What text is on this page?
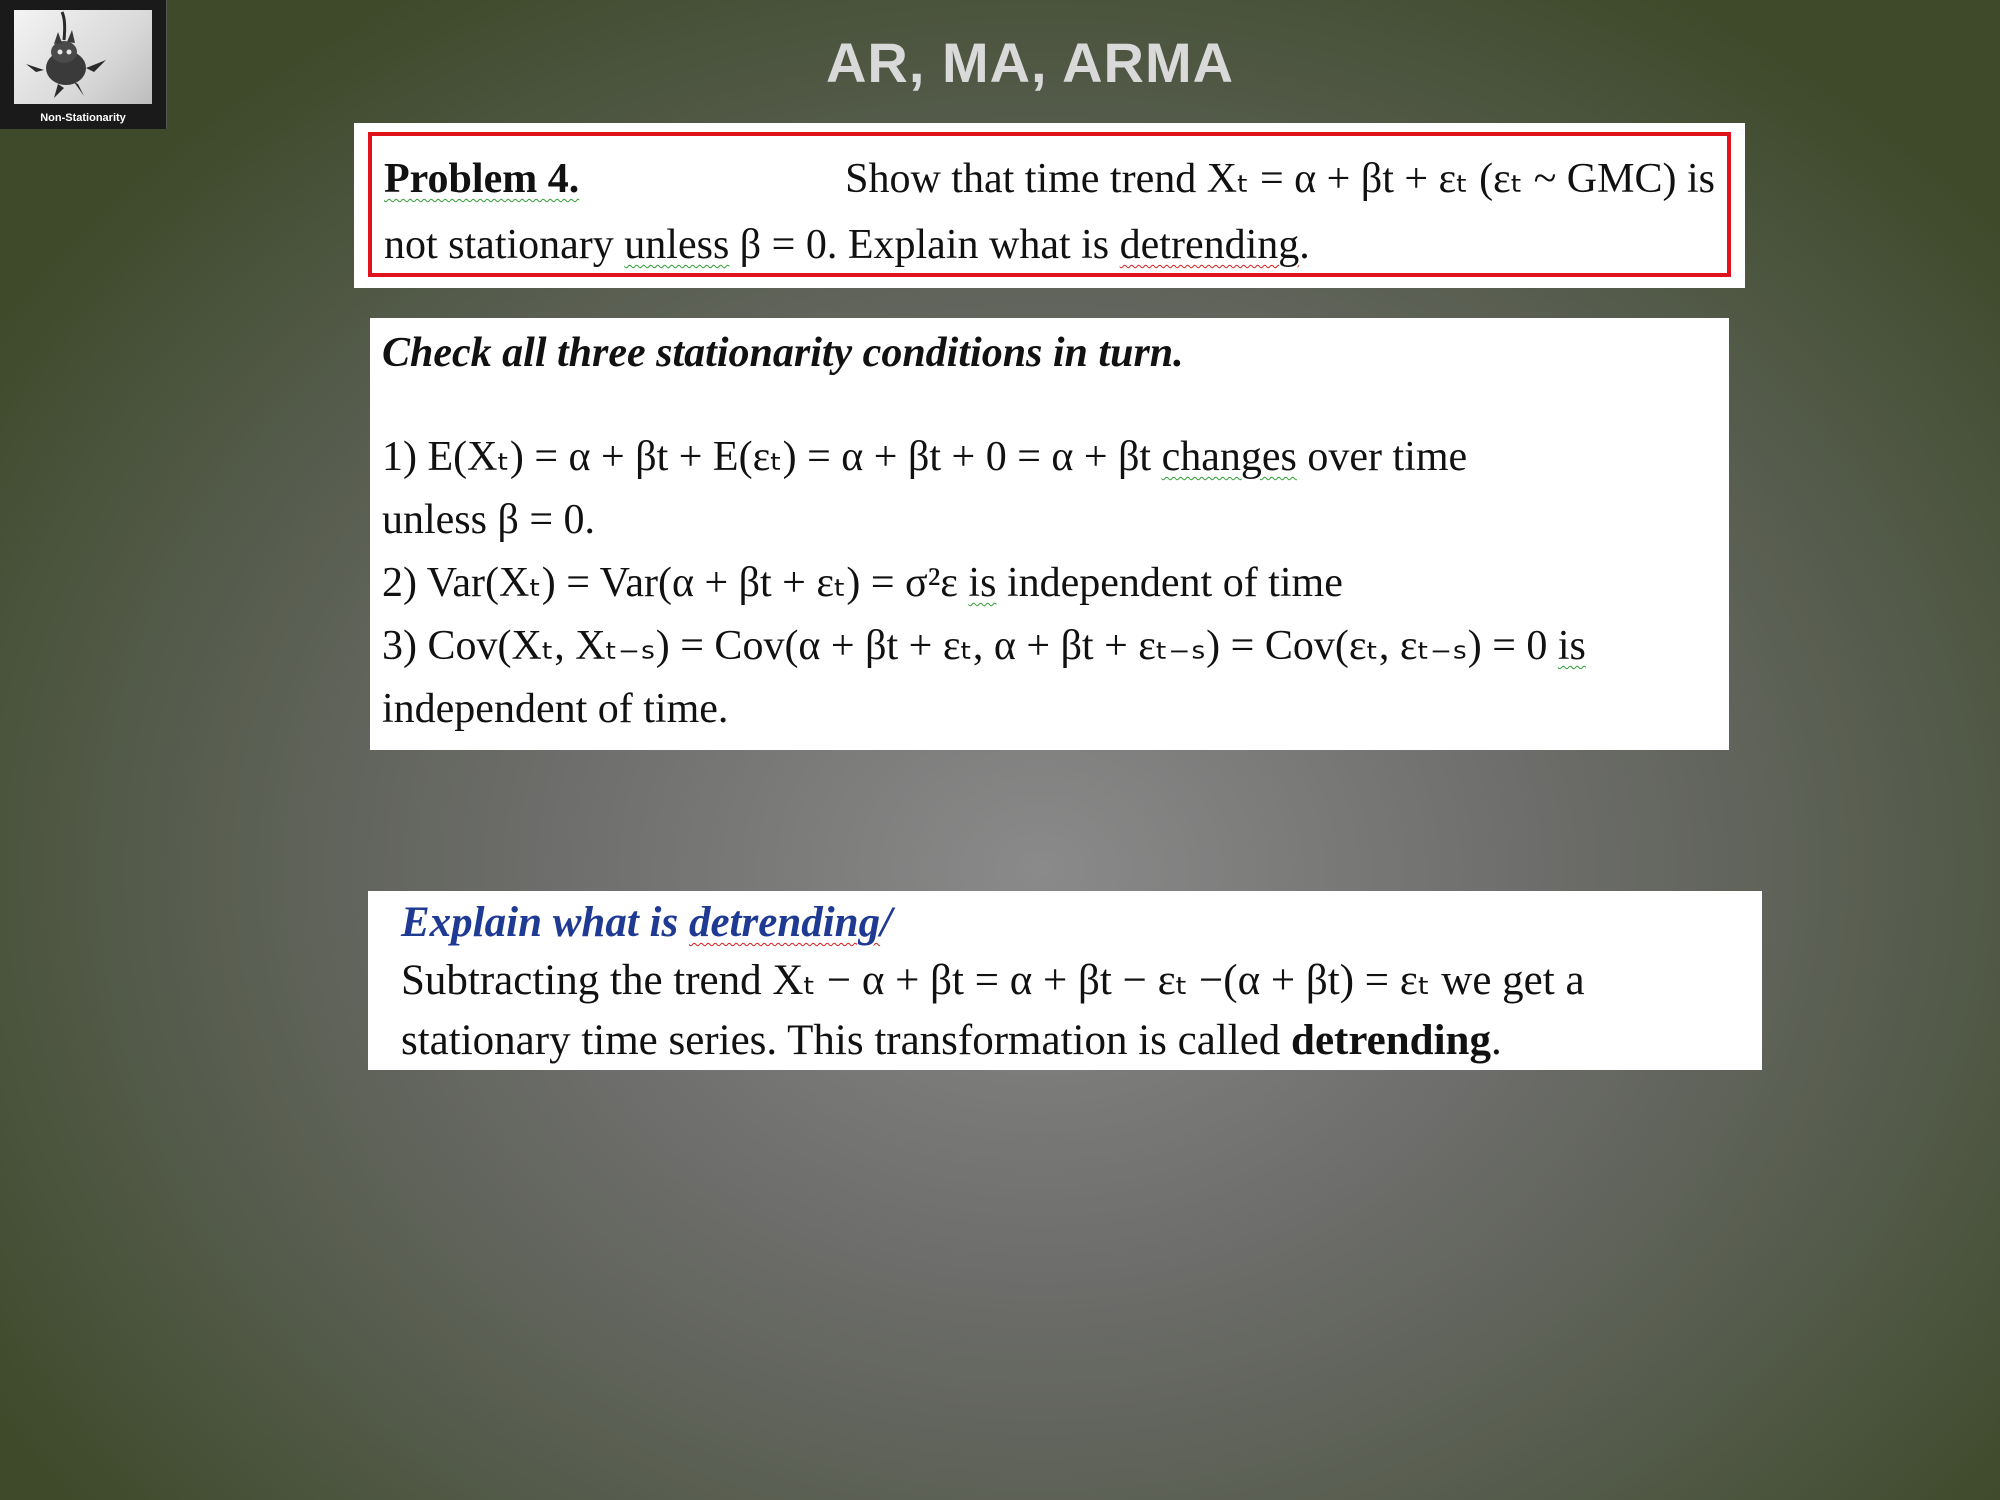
Non-Stationarity
AR, MA, ARMA
Problem 4.	Show that time trend Xₜ = α + βt + εₜ (εₜ ~ GMC) is
not stationary unless β = 0. Explain what is detrending.
Check all three stationarity conditions in turn.
1) E(Xₜ) = α + βt + E(εₜ) = α + βt + 0 = α + βt changes over time
unless β = 0.
2) Var(Xₜ) = Var(α + βt + εₜ) = σ²ε is independent of time
3) Cov(Xₜ, Xₜ₋ₛ) = Cov(α + βt + εₜ, α + βt + εₜ₋ₛ) = Cov(εₜ, εₜ₋ₛ) = 0 is
independent of time.
Explain what is detrending/
Subtracting the trend Xₜ − α + βt = α + βt − εₜ −(α + βt) = εₜ we get a
stationary time series. This transformation is called detrending.
